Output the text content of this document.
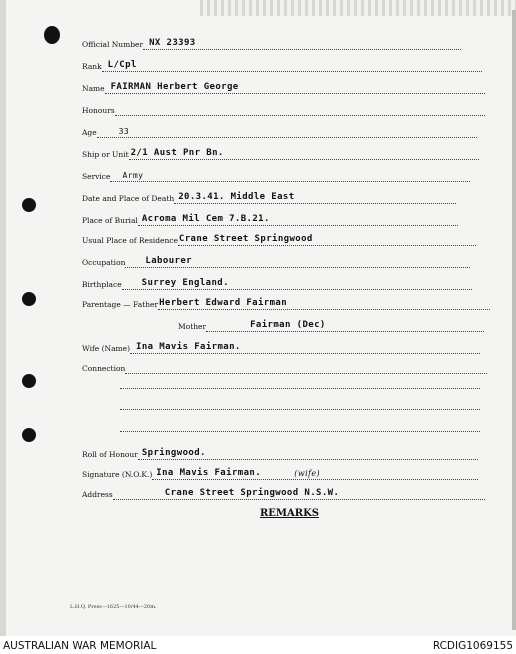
Official Number NX 23393
Rank L/Cpl
Name FAIRMAN Herbert George
Honours
Age	33
Ship or Unit 2/1 Aust Pnr Bn.
Service Army
Date and Place of Death 20.3.41. Middle East
Place of Burial Acroma Mil Cem 7.B.21.
Usual Place of Residence Crane Street Springwood
Occupation Labourer
Birthplace Surrey England.
Parentage — Father Herbert Edward Fairman
Mother	Fairman (Dec)
Wife (Name) Ina Mavis Fairman.
Connection
Roll of Honour Springwood.
Signature (N.O.K.) Ina Mavis Fairman.	(wife)
Address	Crane Street Springwood N.S.W.
REMARKS
L.H.Q. Press—1625—10/44—20m.
AUSTRALIAN WAR MEMORIAL	RCDIG1069155
